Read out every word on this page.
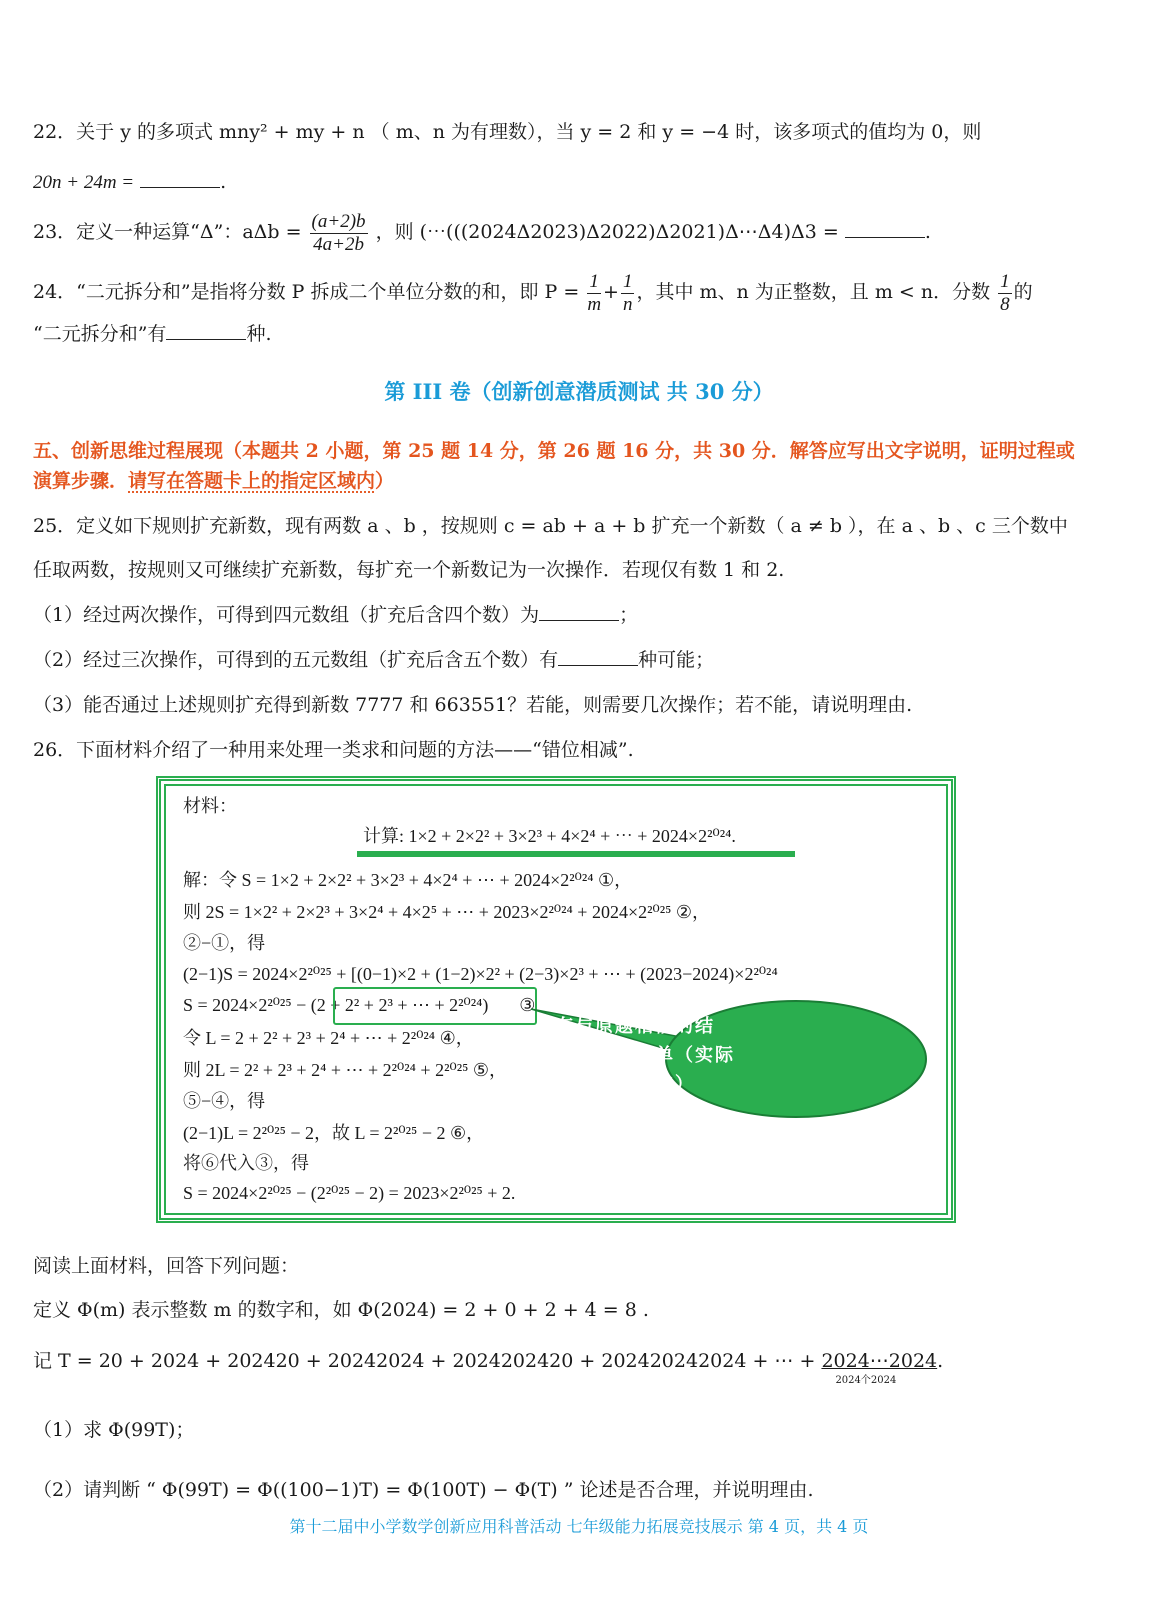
22．关于 y 的多项式 mny² + my + n （ m、n 为有理数），当 y = 2 和 y = −4 时，该多项式的值均为 0，则
20n + 24m =	.
23．定义一种运算“Δ”：$a\Delta b = \frac{(a+2)b}{4a+2b}$ ，则 (⋯(((2024Δ2023)Δ2022)Δ2021)Δ⋯Δ4)Δ3 =	.
24．“二元拆分和”是指将分数 P 拆成二个单位分数的和，即 $P = \frac{1}{m} + \frac{1}{n}$ ，其中 m、n 为正整数，且 m < n．分数 $\frac{1}{8}$ 的
“二元拆分和”有	种.
第 III 卷（创新创意潜质测试 共 30 分）
五、创新思维过程展现（本题共 2 小题，第 25 题 14 分，第 26 题 16 分，共 30 分．解答应写出文字说明，证明过程或
演算步骤．请写在答题卡上的指定区域内）
25．定义如下规则扩充新数，现有两数 a 、b ，按规则 c = ab + a + b 扩充一个新数（ a ≠ b ），在 a 、b 、c 三个数中
任取两数，按规则又可继续扩充新数，每扩充一个新数记为一次操作．若现仅有数 1 和 2.
（1）经过两次操作，可得到四元数组（扩充后含四个数）为	；
（2）经过三次操作，可得到的五元数组（扩充后含五个数）有	种可能；
（3）能否通过上述规则扩充得到新数 7777 和 663551？若能，则需要几次操作；若不能，请说明理由.
26．下面材料介绍了一种用来处理一类求和问题的方法——“错位相减”.
材料：
计算: 1×2 + 2×2² + 3×2³ + 4×2⁴ + ⋯ + 2024×2²⁰²⁴.
解：令 S = 1×2 + 2×2² + 3×2³ + 4×2⁴ + ⋯ + 2024×2²⁰²⁴ ①，
则 2S = 1×2² + 2×2³ + 3×2⁴ + 4×2⁵ + ⋯ + 2023×2²⁰²⁴ + 2024×2²⁰²⁵ ②，
②−①，得
(2−1)S = 2024×2²⁰²⁵ + [(0−1)×2 + (1−2)×2² + (2−3)×2³ + ⋯ + (2023−2024)×2²⁰²⁴
S = 2024×2²⁰²⁵ − (2 + 2² + 2³ + ⋯ + 2²⁰²⁴) ③
令 L = 2 + 2² + 2³ + 2⁴ + ⋯ + 2²⁰²⁴ ④，
则 2L = 2² + 2³ + 2⁴ + ⋯ + 2²⁰²⁴ + 2²⁰²⁵ ⑤，
⑤−④，得
(2−1)L = 2²⁰²⁵ − 2，故 L = 2²⁰²⁵ − 2 ⑥，
将⑥代入③，得
S = 2024×2²⁰²⁵ − (2²⁰²⁵ − 2) = 2023×2²⁰²⁵ + 2.
具有与原题相似的结构，且更为简单（实际为等比数列求和）
阅读上面材料，回答下列问题：
定义 Φ(m) 表示整数 m 的数字和，如 Φ(2024) = 2 + 0 + 2 + 4 = 8 .
记 T = 20 + 2024 + 202420 + 20242024 + 2024202420 + 202420242024 + ⋯ + 2024⋯2024
2024个2024
.
（1）求 Φ(99T)；
（2）请判断 “ Φ(99T) = Φ((100−1)T) = Φ(100T) − Φ(T) ” 论述是否合理，并说明理由.
第十二届中小学数学创新应用科普活动 七年级能力拓展竞技展示 第 4 页，共 4 页
